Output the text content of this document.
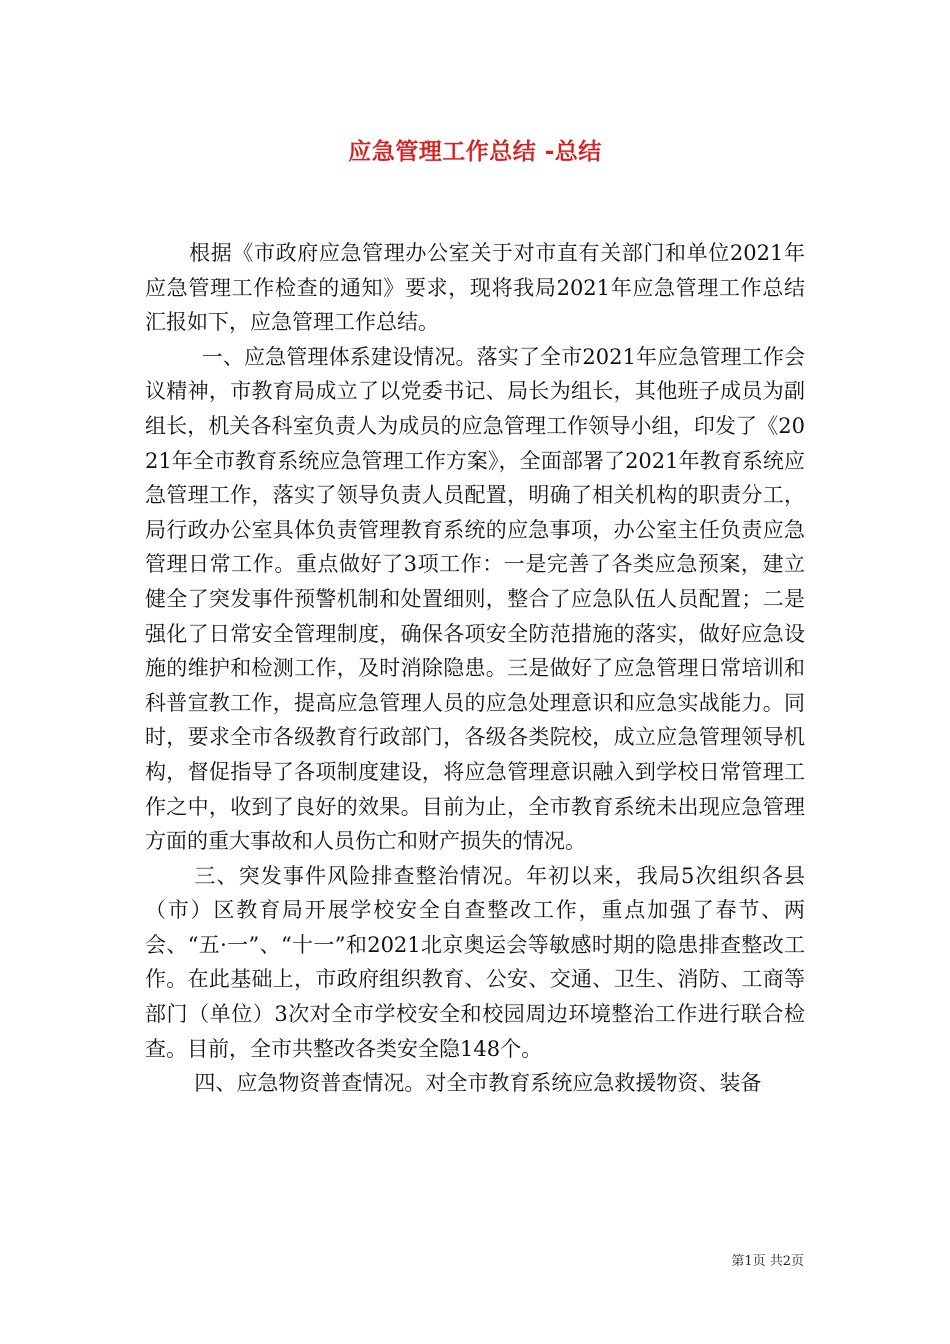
应急管理工作总结 -总结

根据《市政府应急管理办公室关于对市直有关部门和单位2021年应急管理工作检查的通知》要求，现将我局2021年应急管理工作总结汇报如下，应急管理工作总结。

一、应急管理体系建设情况。落实了全市2021年应急管理工作会议精神，市教育局成立了以党委书记、局长为组长，其他班子成员为副组长，机关各科室负责人为成员的应急管理工作领导小组，印发了《2021年全市教育系统应急管理工作方案》，全面部署了2021年教育系统应急管理工作，落实了领导负责人员配置，明确了相关机构的职责分工，局行政办公室具体负责管理教育系统的应急事项，办公室主任负责应急管理日常工作。重点做好了3项工作：一是完善了各类应急预案，建立健全了突发事件预警机制和处置细则，整合了应急队伍人员配置；二是强化了日常安全管理制度，确保各项安全防范措施的落实，做好应急设施的维护和检测工作，及时消除隐患。三是做好了应急管理日常培训和科普宣教工作，提高应急管理人员的应急处理意识和应急实战能力。同时，要求全市各级教育行政部门，各级各类院校，成立应急管理领导机构，督促指导了各项制度建设，将应急管理意识融入到学校日常管理工作之中，收到了良好的效果。目前为止，全市教育系统未出现应急管理方面的重大事故和人员伤亡和财产损失的情况。

三、突发事件风险排查整治情况。年初以来，我局5次组织各县（市）区教育局开展学校安全自查整改工作，重点加强了春节、两会、“五·一”、“十一”和2021北京奥运会等敏感时期的隐患排查整改工作。在此基础上，市政府组织教育、公安、交通、卫生、消防、工商等部门（单位）3次对全市学校安全和校园周边环境整治工作进行联合检查。目前，全市共整改各类安全隐148个。

四、应急物资普查情况。对全市教育系统应急救援物资、装备

第1页 共2页
